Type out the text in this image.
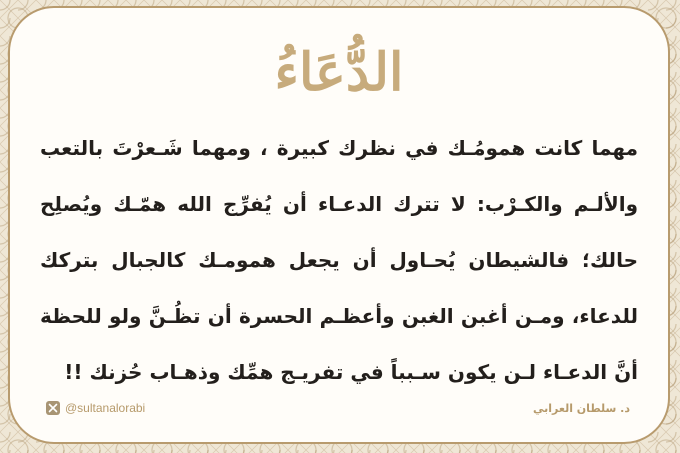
الدُّعَاءُ
مهما كانت همومُـك في نظرك كبيرة ، ومهما شَـعرْتَ بالتعب
والألـم والكـرْب: لا تترك الدعـاء أن يُفرِّج الله همّـك ويُصلِح
حالك؛ فالشيطان يُحـاول أن يجعل همومـك كالجبال بتركك
للدعاء، ومـن أغبن الغبن وأعظـم الحسرة أن تظُـنَّ ولو للحظة
أنَّ الدعـاء لـن يكون سـبباً في تفريـج همِّك وذهـاب حُزنك !!
@sultanalorabi	د. سلطان العرابي
